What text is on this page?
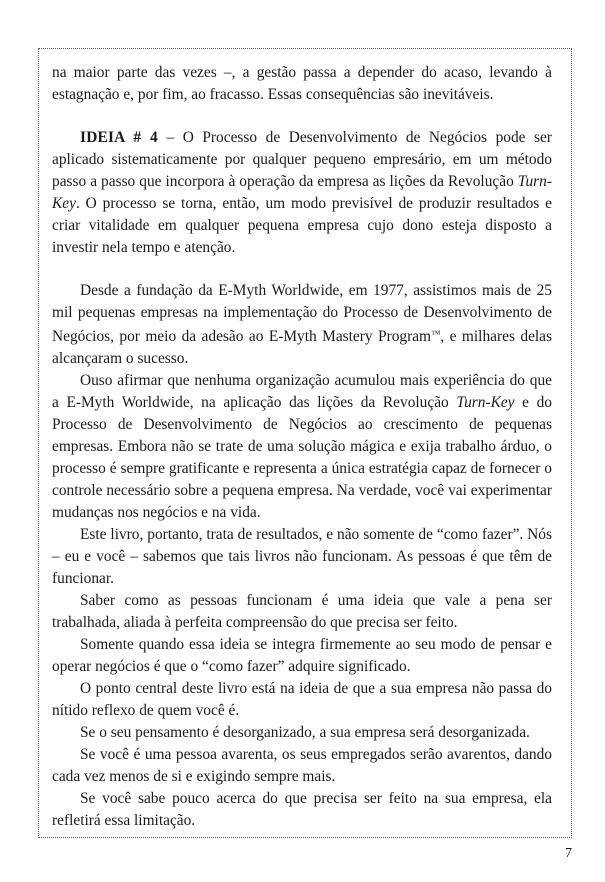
na maior parte das vezes –, a gestão passa a depender do acaso, levando à estagnação e, por fim, ao fracasso. Essas consequências são inevitáveis.

IDEIA # 4 – O Processo de Desenvolvimento de Negócios pode ser aplicado sistematicamente por qualquer pequeno empresário, em um método passo a passo que incorpora à operação da empresa as lições da Revolução Turn-Key. O processo se torna, então, um modo previsível de produzir resultados e criar vitalidade em qualquer pequena empresa cujo dono esteja disposto a investir nela tempo e atenção.

Desde a fundação da E-Myth Worldwide, em 1977, assistimos mais de 25 mil pequenas empresas na implementação do Processo de Desenvolvimento de Negócios, por meio da adesão ao E-Myth Mastery Program™, e milhares delas alcançaram o sucesso.

Ouso afirmar que nenhuma organização acumulou mais experiência do que a E-Myth Worldwide, na aplicação das lições da Revolução Turn-Key e do Processo de Desenvolvimento de Negócios ao crescimento de pequenas empresas. Embora não se trate de uma solução mágica e exija trabalho árduo, o processo é sempre gratificante e representa a única estratégia capaz de fornecer o controle necessário sobre a pequena empresa. Na verdade, você vai experimentar mudanças nos negócios e na vida.

Este livro, portanto, trata de resultados, e não somente de “como fazer”. Nós – eu e você – sabemos que tais livros não funcionam. As pessoas é que têm de funcionar.

Saber como as pessoas funcionam é uma ideia que vale a pena ser trabalhada, aliada à perfeita compreensão do que precisa ser feito.

Somente quando essa ideia se integra firmemente ao seu modo de pensar e operar negócios é que o “como fazer” adquire significado.

O ponto central deste livro está na ideia de que a sua empresa não passa do nítido reflexo de quem você é.

Se o seu pensamento é desorganizado, a sua empresa será desorganizada.

Se você é uma pessoa avarenta, os seus empregados serão avarentos, dando cada vez menos de si e exigindo sempre mais.

Se você sabe pouco acerca do que precisa ser feito na sua empresa, ela refletirá essa limitação.

7
